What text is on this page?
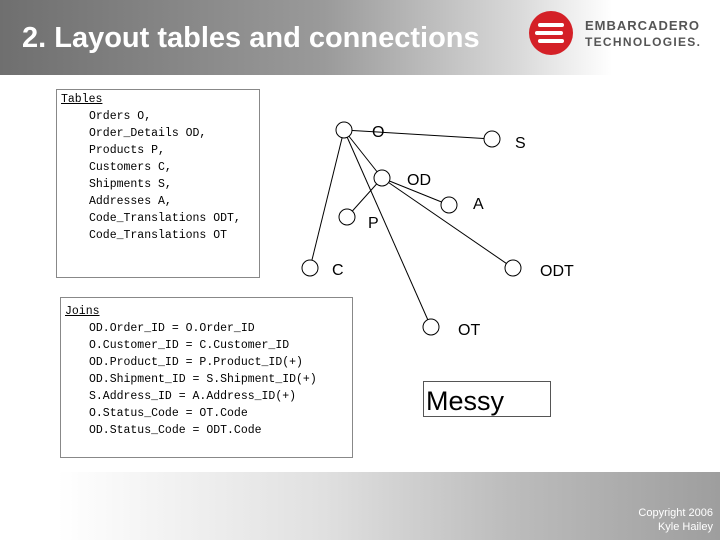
2. Layout tables and connections	EMBARCADERO
TECHNOLOGIES.
Tables
Orders O,
Order_Details OD,
Products P,
Customers C,
Shipments S,
Addresses A,
Code_Translations ODT,
Code_Translations OT
Joins
OD.Order_ID = O.Order_ID
O.Customer_ID = C.Customer_ID
OD.Product_ID = P.Product_ID(+)
OD.Shipment_ID = S.Shipment_ID(+)
S.Address_ID = A.Address_ID(+)
O.Status_Code = OT.Code
OD.Status_Code = ODT.Code
O
S
OD
A
P
C	ODT
OT
Messy
Copyright 2006
Kyle Hailey
